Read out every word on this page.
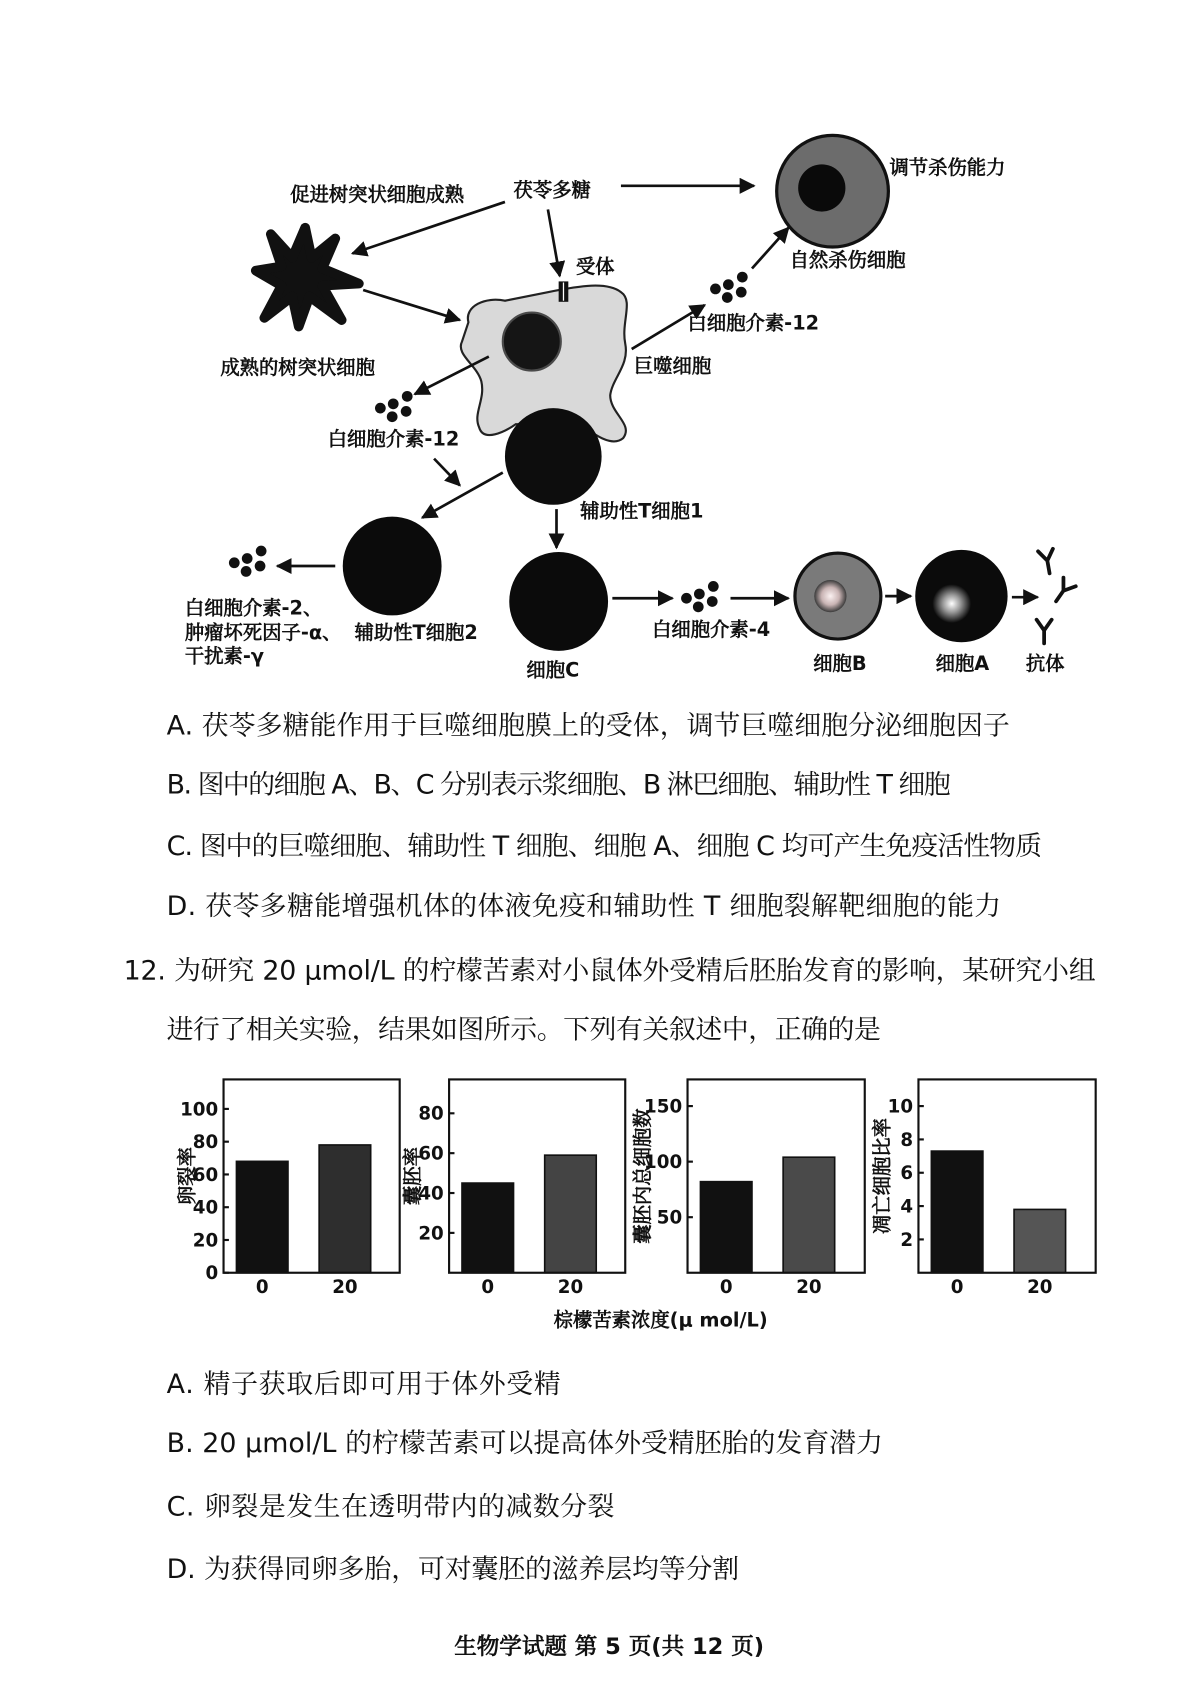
促进树突状细胞成熟	茯苓多糖
调节杀伤能力
自然杀伤细胞
受体
白细胞介素-12
巨噬细胞
成熟的树突状细胞
白细胞介素-12
辅助性T细胞1
白细胞介素-2、
肿瘤坏死因子-α、 辅助性T细胞2
干扰素-γ
细胞C
白细胞介素-4
细胞B	细胞A 抗体
A. 茯苓多糖能作用于巨噬细胞膜上的受体，调节巨噬细胞分泌细胞因子
B. 图中的细胞 A、B、C 分别表示浆细胞、B 淋巴细胞、辅助性 T 细胞
C. 图中的巨噬细胞、辅助性 T 细胞、细胞 A、细胞 C 均可产生免疫活性物质
D. 茯苓多糖能增强机体的体液免疫和辅助性 T 细胞裂解靶细胞的能力
12. 为研究 20 μmol/L 的柠檬苦素对小鼠体外受精后胚胎发育的影响，某研究小组
进行了相关实验，结果如图所示。下列有关叙述中，正确的是
0	20
0
20
40
60
80
100
卵裂率
0	20
20
40
60
80
囊胚率
0	20
50
100
150
囊胚内总细胞数
0	20
2
4
6
8
10
凋亡细胞比率
棕檬苦素浓度(μ mol/L)
A. 精子获取后即可用于体外受精
B. 20 μmol/L 的柠檬苦素可以提高体外受精胚胎的发育潜力
C. 卵裂是发生在透明带内的减数分裂
D. 为获得同卵多胎，可对囊胚的滋养层均等分割
生物学试题 第 5 页(共 12 页)
